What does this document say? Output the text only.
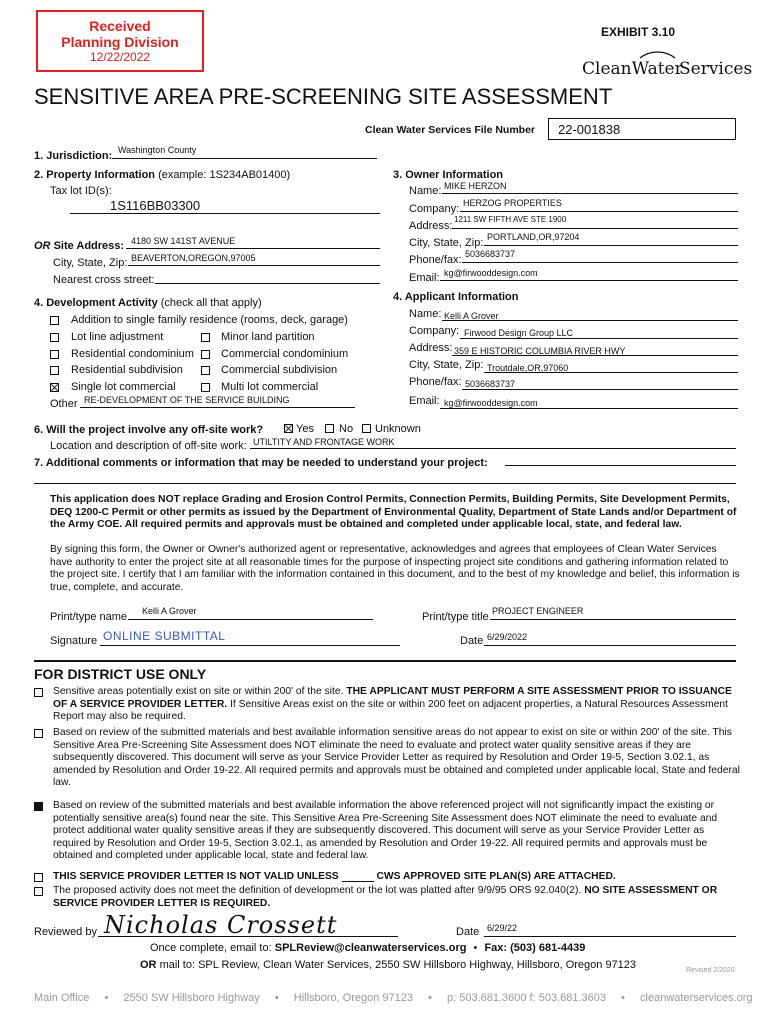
Received
Planning Division
12/22/2022
EXHIBIT 3.10
CleanWater
Services
SENSITIVE AREA PRE-SCREENING SITE ASSESSMENT
Clean Water Services File Number 22-001838
1. Jurisdiction: Washington County
2. Property Information (example: 1S234AB01400)
Tax lot ID(s):
1S116BB03300
OR Site Address: 4180 SW 141ST AVENUE
City, State, Zip: BEAVERTON,OREGON,97005
Nearest cross street:
3. Owner Information
Name: MIKE HERZON
Company: HERZOG PROPERTIES
Address:
1211 SW FIFTH AVE STE 1900
City, State, Zip: PORTLAND,OR,97204
Phone/fax: 5036683737
Email: kg@firwooddesign.com
4. Development Activity (check all that apply)
Addition to single family residence (rooms, deck, garage)
Lot line adjustment	Minor land partition
Residential condominium Commercial condominium
Residential subdivision	Commercial subdivision
Single lot commercial	Multi lot commercial
Other RE-DEVELOPMENT OF THE SERVICE BUILDING
4. Applicant Information
Name: Kelli A Grover
Company: Firwood Design Group LLC
Address: 359 E HISTORIC COLUMBIA RIVER HWY
City, State, Zip: Troutdale,OR,97060
Phone/fax: 5036683737
Email: kg@firwooddesign.com
6. Will the project involve any off-site work?	Yes No Unknown
Location and description of off-site work: UTILTITY AND FRONTAGE WORK
7. Additional comments or information that may be needed to understand your project:
This application does NOT replace Grading and Erosion Control Permits, Connection Permits, Building Permits, Site Development Permits, DEQ 1200-C Permit or other permits as issued by the Department of Environmental Quality, Department of State Lands and/or Department of the Army COE. All required permits and approvals must be obtained and completed under applicable local, state, and federal law.
By signing this form, the Owner or Owner's authorized agent or representative, acknowledges and agrees that employees of Clean Water Services have authority to enter the project site at all reasonable times for the purpose of inspecting project site conditions and gathering information related to the project site. I certify that I am familiar with the information contained in this document, and to the best of my knowledge and belief, this information is true, complete, and accurate.
Print/type name Kelli A Grover	Print/type title PROJECT ENGINEER
Signature ONLINE SUBMITTAL	Date 6/29/2022
FOR DISTRICT USE ONLY
Sensitive areas potentially exist on site or within 200' of the site. THE APPLICANT MUST PERFORM A SITE ASSESSMENT PRIOR TO ISSUANCE OF A SERVICE PROVIDER LETTER. If Sensitive Areas exist on the site or within 200 feet on adjacent properties, a Natural Resources Assessment Report may also be required.
Based on review of the submitted materials and best available information sensitive areas do not appear to exist on site or within 200' of the site. This Sensitive Area Pre-Screening Site Assessment does NOT eliminate the need to evaluate and protect water quality sensitive areas if they are subsequently discovered. This document will serve as your Service Provider Letter as required by Resolution and Order 19-5, Section 3.02.1, as amended by Resolution and Order 19-22. All required permits and approvals must be obtained and completed under applicable local, State and federal law.
Based on review of the submitted materials and best available information the above referenced project will not significantly impact the existing or potentially sensitive area(s) found near the site. This Sensitive Area Pre-Screening Site Assessment does NOT eliminate the need to evaluate and protect additional water quality sensitive areas if they are subsequently discovered. This document will serve as your Service Provider Letter as required by Resolution and Order 19-5, Section 3.02.1, as amended by Resolution and Order 19-22. All required permits and approvals must be obtained and completed under applicable local, state and federal law.
THIS SERVICE PROVIDER LETTER IS NOT VALID UNLESS	CWS APPROVED SITE PLAN(S) ARE ATTACHED.
The proposed activity does not meet the definition of development or the lot was platted after 9/9/95 ORS 92.040(2). NO SITE ASSESSMENT OR SERVICE PROVIDER LETTER IS REQUIRED.
Reviewed by Nicholas Crossett	Date 6/29/22
Once complete, email to: SPLReview@cleanwaterservices.org • Fax: (503) 681-4439
OR mail to: SPL Review, Clean Water Services, 2550 SW Hillsboro Highway, Hillsboro, Oregon 97123	Revised 2/2020
Main Office • 2550 SW Hillsboro Highway • Hillsboro, Oregon 97123 • p: 503.681.3600 f: 503.681.3603 • cleanwaterservices.org
